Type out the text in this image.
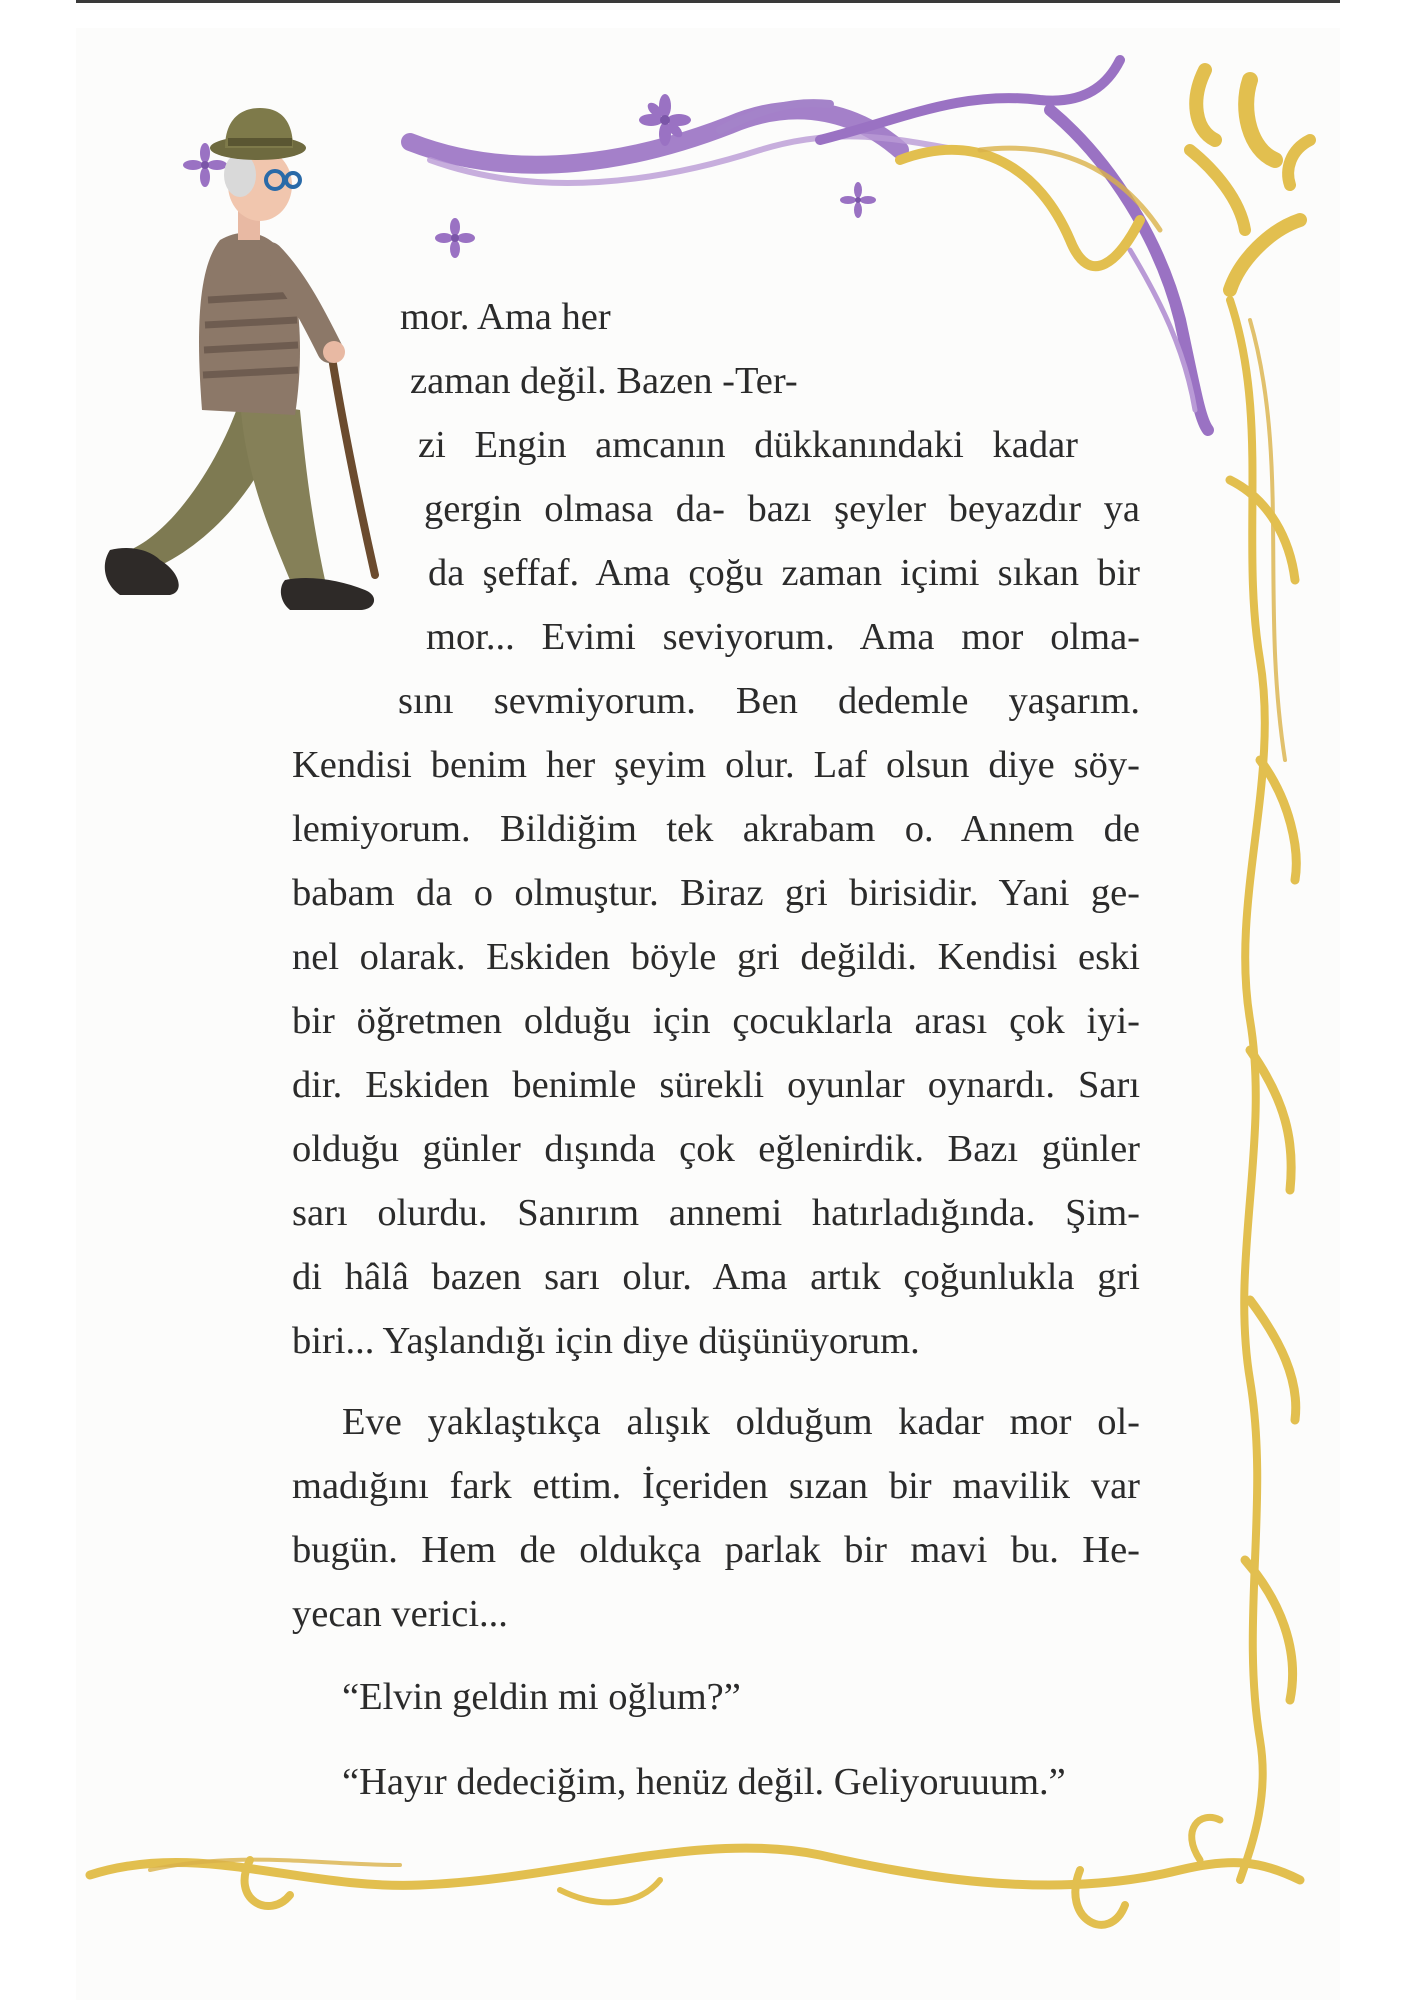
mor. Ama her
zaman değil. Bazen -Ter-
zi Engin amcanın dükkanındaki kadar
gergin olmasa da- bazı şeyler beyazdır ya
da şeffaf. Ama çoğu zaman içimi sıkan bir
mor... Evimi seviyorum. Ama mor olma-
sını sevmiyorum. Ben dedemle yaşarım.
Kendisi benim her şeyim olur. Laf olsun diye söy-
lemiyorum. Bildiğim tek akrabam o. Annem de
babam da o olmuştur. Biraz gri birisidir. Yani ge-
nel olarak. Eskiden böyle gri değildi. Kendisi eski
bir öğretmen olduğu için çocuklarla arası çok iyi-
dir. Eskiden benimle sürekli oyunlar oynardı. Sarı
olduğu günler dışında çok eğlenirdik. Bazı günler
sarı olurdu. Sanırım annemi hatırladığında. Şim-
di hâlâ bazen sarı olur. Ama artık çoğunlukla gri
biri... Yaşlandığı için diye düşünüyorum.
Eve yaklaştıkça alışık olduğum kadar mor ol-
madığını fark ettim. İçeriden sızan bir mavilik var
bugün. Hem de oldukça parlak bir mavi bu. He-
yecan verici...
“Elvin geldin mi oğlum?”
“Hayır dedeciğim, henüz değil. Geliyoruuum.”
